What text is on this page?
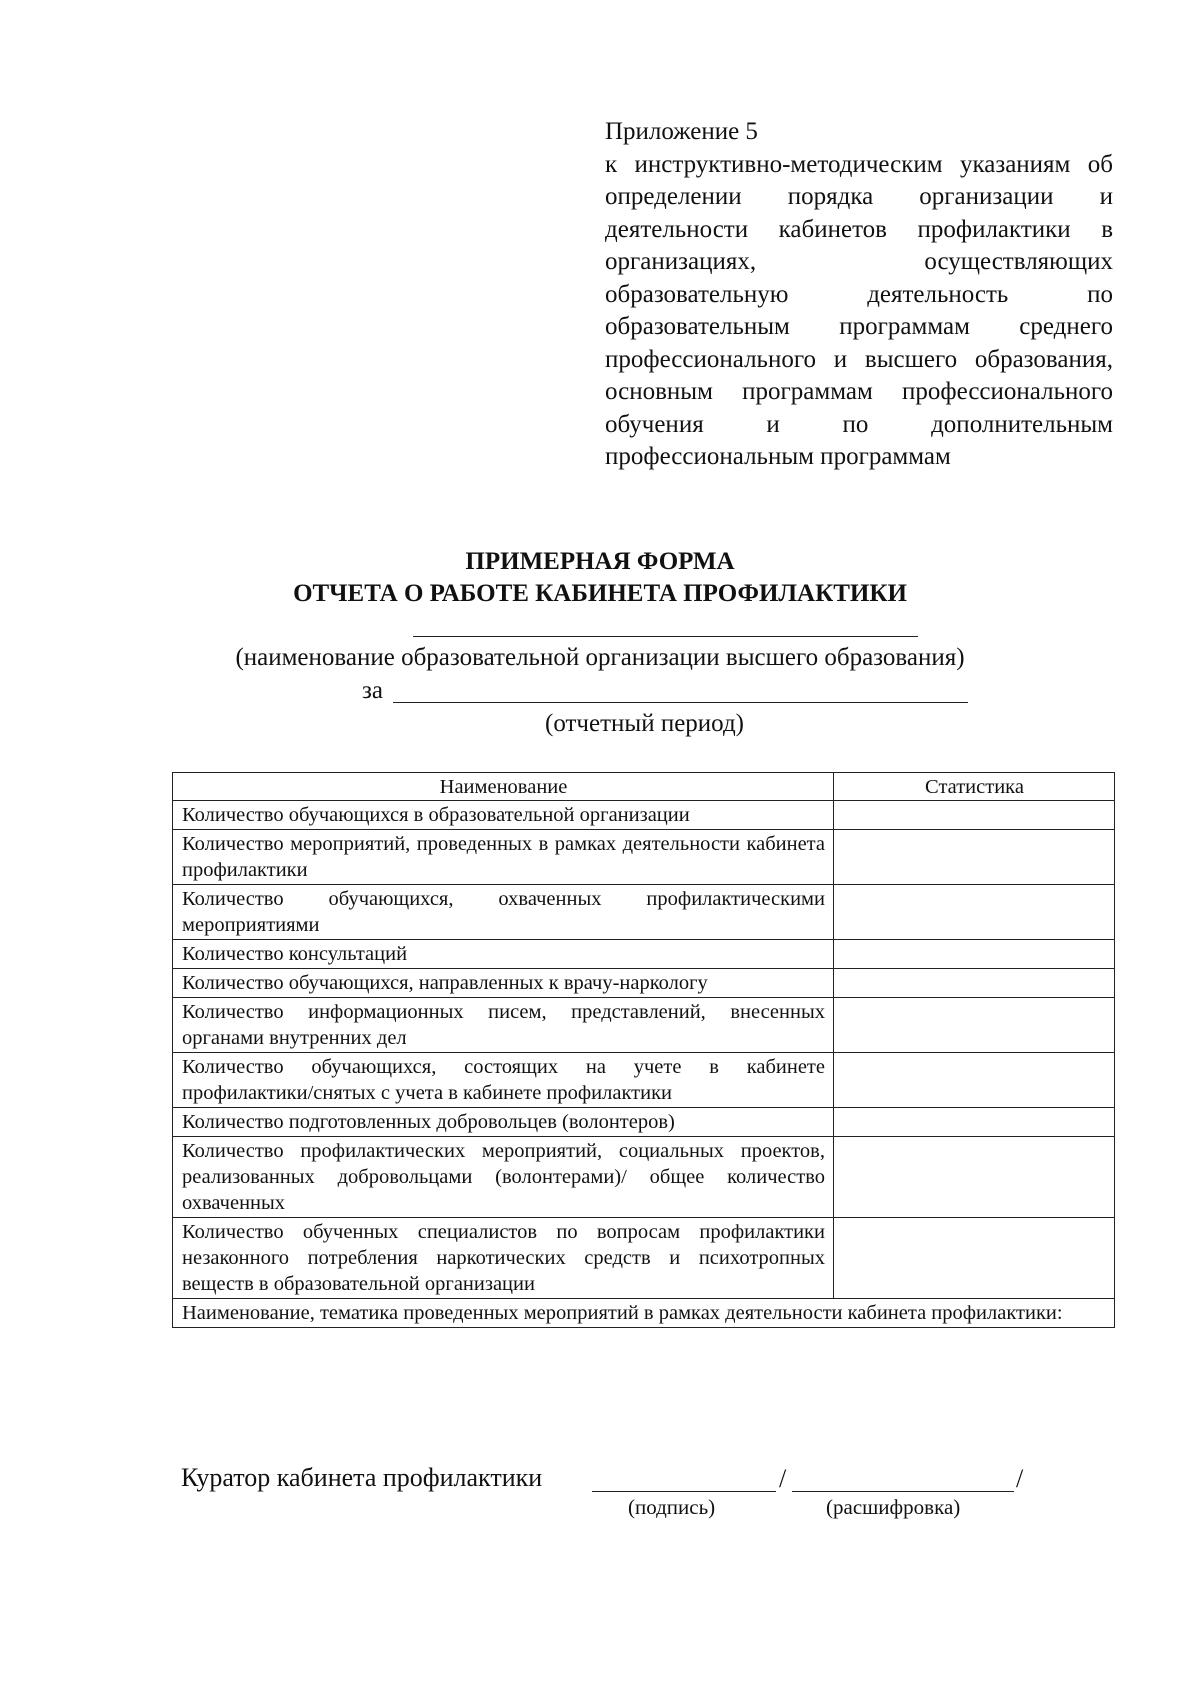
Приложение 5
к инструктивно-методическим указаниям об определении порядка организации и деятельности кабинетов профилактики в организациях, осуществляющих образовательную деятельность по образовательным программам среднего профессионального и высшего образования, основным программам профессионального обучения и по дополнительным профессиональным программам
ПРИМЕРНАЯ ФОРМА
ОТЧЕТА О РАБОТЕ КАБИНЕТА ПРОФИЛАКТИКИ
(наименование образовательной организации высшего образования)
за
(отчетный период)
Наименование	Статистика
Количество обучающихся в образовательной организации	
Количество мероприятий, проведенных в рамках деятельности кабинета профилактики	
Количество обучающихся, охваченных профилактическими мероприятиями	
Количество консультаций	
Количество обучающихся, направленных к врачу-наркологу	
Количество информационных писем, представлений, внесенных органами внутренних дел	
Количество обучающихся, состоящих на учете в кабинете профилактики/снятых с учета в кабинете профилактики	
Количество подготовленных добровольцев (волонтеров)	
Количество профилактических мероприятий, социальных проектов, реализованных добровольцами (волонтерами)/ общее количество охваченных	
Количество обученных специалистов по вопросам профилактики незаконного потребления наркотических средств и психотропных веществ в образовательной организации	
Наименование, тематика проведенных мероприятий в рамках деятельности кабинета профилактики:	
Куратор кабинета профилактики	/	/
(подпись)	(расшифровка)
